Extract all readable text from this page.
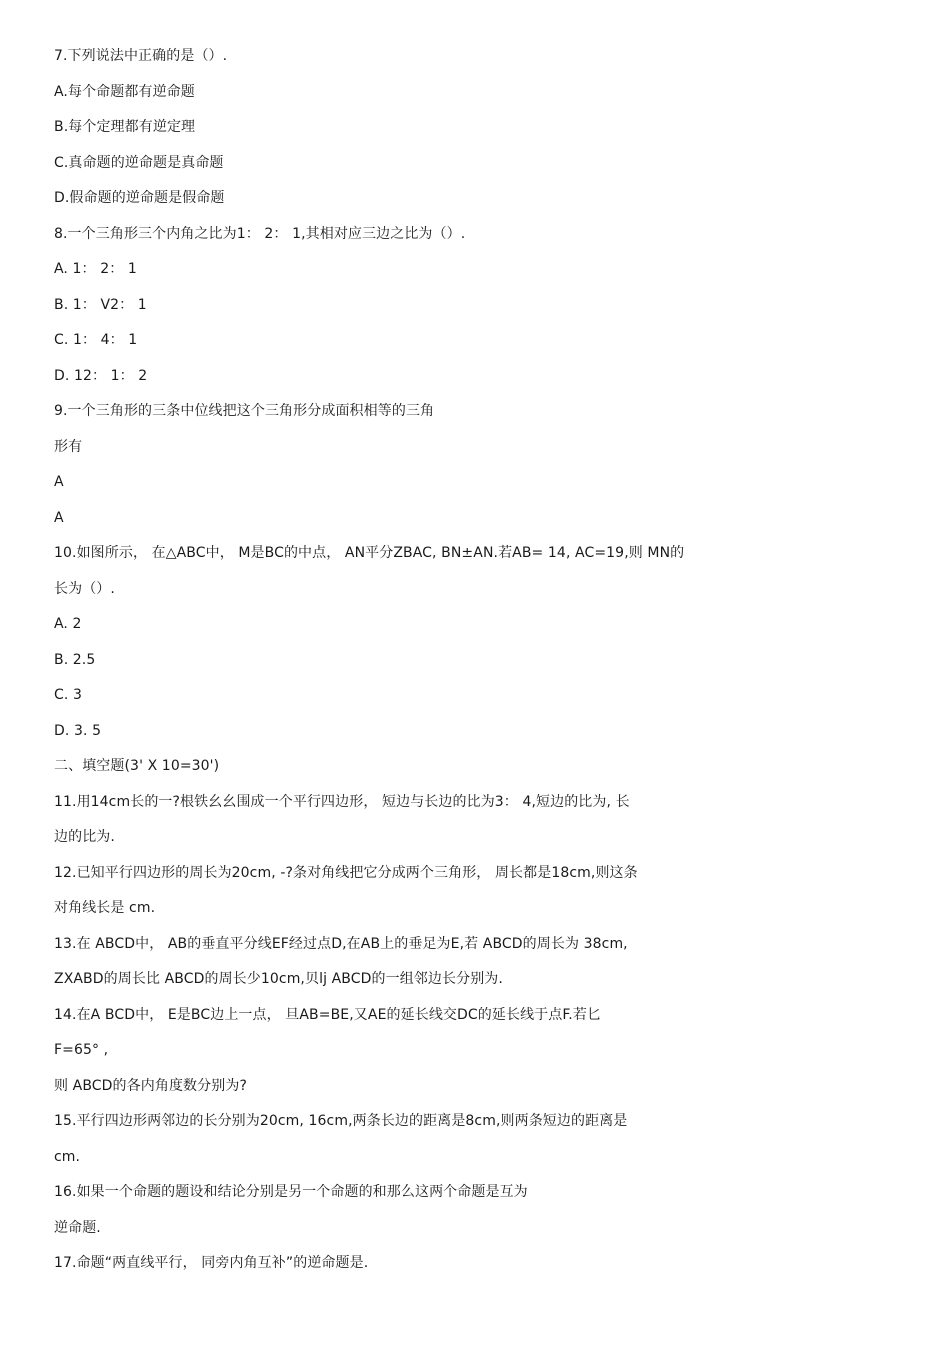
7.下列说法中正确的是（）.
A.每个命题都有逆命题
B.每个定理都有逆定理
C.真命题的逆命题是真命题
D.假命题的逆命题是假命题
8.一个三角形三个内角之比为1： 2： 1,其相对应三边之比为（）.
A. 1： 2： 1
B. 1： V2： 1
C. 1： 4： 1
D. 12： 1： 2
9.一个三角形的三条中位线把这个三角形分成面积相等的三角
形有
A
A
10.如图所示， 在△ABC中， M是BC的中点， AN平分ZBAC, BN±AN.若AB= 14, AC=19,则 MN的
长为（）.
A. 2
B. 2.5
C. 3
D. 3. 5
二、填空题(3' X 10=30')
11.用14cm长的一?根铁幺幺围成一个平行四边形， 短边与长边的比为3： 4,短边的比为, 长
边的比为.
12.已知平行四边形的周长为20cm, -?条对角线把它分成两个三角形， 周长都是18cm,则这条
对角线长是 cm.
13.在 ABCD中， AB的垂直平分线EF经过点D,在AB上的垂足为E,若 ABCD的周长为 38cm,
ZXABD的周长比 ABCD的周长少10cm,贝lj ABCD的一组邻边长分别为.
14.在A BCD中， E是BC边上一点， 旦AB=BE,又AE的延长线交DC的延长线于点F.若匕
F=65° ,
则 ABCD的各内角度数分别为?
15.平行四边形两邻边的长分别为20cm, 16cm,两条长边的距离是8cm,则两条短边的距离是
cm.
16.如果一个命题的题设和结论分别是另一个命题的和那么这两个命题是互为
逆命题.
17.命题“两直线平行， 同旁内角互补”的逆命题是.
